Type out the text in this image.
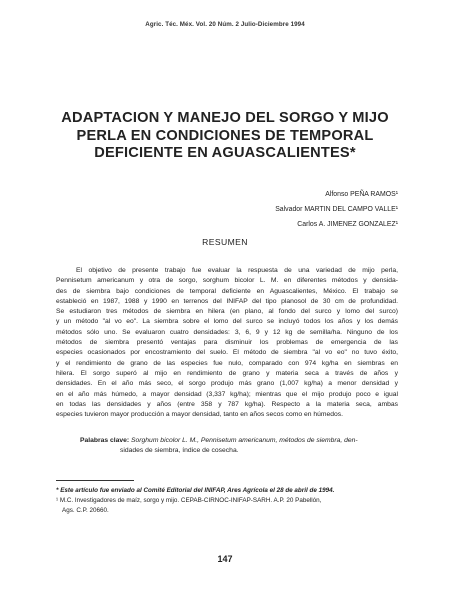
Agric. Téc. Méx. Vol. 20 Núm. 2 Julio-Diciembre 1994
ADAPTACION Y MANEJO DEL SORGO Y MIJO
PERLA EN CONDICIONES DE TEMPORAL
DEFICIENTE EN AGUASCALIENTES*
Alfonso PEÑA RAMOS¹
Salvador MARTIN DEL CAMPO VALLE¹
Carlos A. JIMENEZ GONZALEZ¹
RESUMEN
El objetivo de presente trabajo fue evaluar la respuesta de una variedad de mijo perla,
Pennisetum americanum y otra de sorgo, sorghum bicolor L. M. en diferentes métodos y densida-
des de siembra bajo condiciones de temporal deficiente en Aguascalientes, México. El trabajo se
estableció en 1987, 1988 y 1990 en terrenos del INIFAP del tipo planosol de 30 cm de profundidad.
Se estudiaron tres métodos de siembra en hilera (en plano, al fondo del surco y lomo del surco)
y un método "al vo eo". La siembra sobre el lomo del surco se incluyó todos los años y los demás
métodos sólo uno. Se evaluaron cuatro densidades: 3, 6, 9 y 12 kg de semilla/ha. Ninguno de los
métodos de siembra presentó ventajas para disminuir los problemas de emergencia de las
especies ocasionados por encostramiento del suelo. El método de siembra "al vo eo" no tuvo éxito,
y el rendimiento de grano de las especies fue nulo, comparado con 974 kg/ha en siembras en
hilera. El sorgo superó al mijo en rendimiento de grano y materia seca a través de años y
densidades. En el año más seco, el sorgo produjo más grano (1,007 kg/ha) a menor densidad y
en el año más húmedo, a mayor densidad (3,337 kg/ha); mientras que el mijo produjo poco e igual
en todas las densidades y años (entre 358 y 787 kg/ha). Respecto a la materia seca, ambas
especies tuvieron mayor producción a mayor densidad, tanto en años secos como en húmedos.
Palabras clave: Sorghum bicolor L. M., Pennisetum americanum, métodos de siembra, den-
sidades de siembra, índice de cosecha.
* Este artículo fue enviado al Comité Editorial del INIFAP, Ares Agrícola el 28 de abril de 1994.
¹ M.C. Investigadores de maíz, sorgo y mijo. CEPAB-CIRNOC-INIFAP-SARH. A.P. 20 Pabellón,
Ags. C.P. 20660.
147
